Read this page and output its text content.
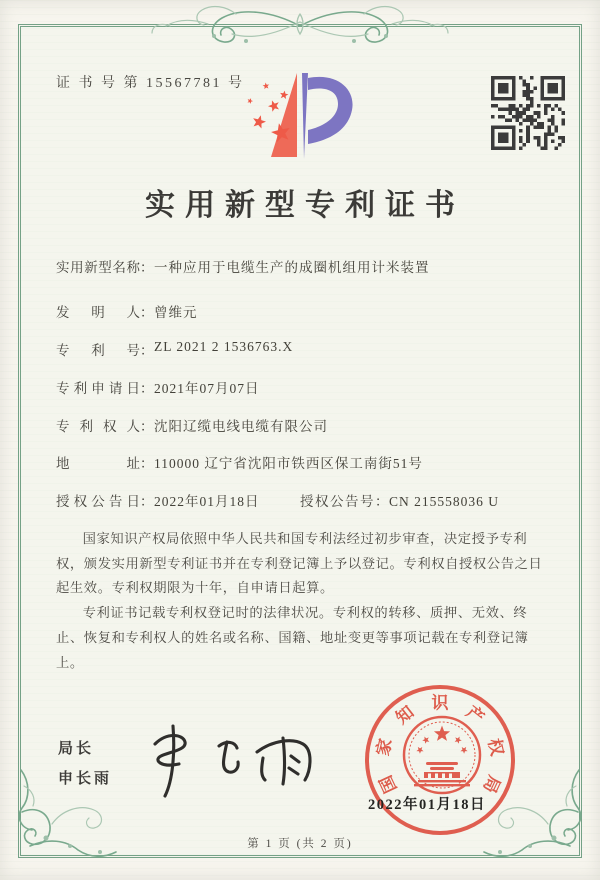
证 书 号 第 15567781 号
实用新型专利证书
实用新型名称：一种应用于电缆生产的成圈机组用计米装置
发明人：曾维元
专利号：ZL 2021 2 1536763.X
专利申请日：2021年07月07日
专利权人：沈阳辽缆电线电缆有限公司
地址：110000 辽宁省沈阳市铁西区保工南街51号
授权公告日：2022年01月18日	授权公告号：CN 215558036 U

国家知识产权局依照中华人民共和国专利法经过初步审查，决定授予专利权，颁发实用新型专利证书并在专利登记簿上予以登记。专利权自授权公告之日起生效。专利权期限为十年，自申请日起算。

专利证书记载专利权登记时的法律状况。专利权的转移、质押、无效、终止、恢复和专利权人的姓名或名称、国籍、地址变更等事项记载在专利登记簿上。

局长
申长雨	国
家
知 识 产
权
局
2022年01月18日
第 1 页 (共 2 页)
